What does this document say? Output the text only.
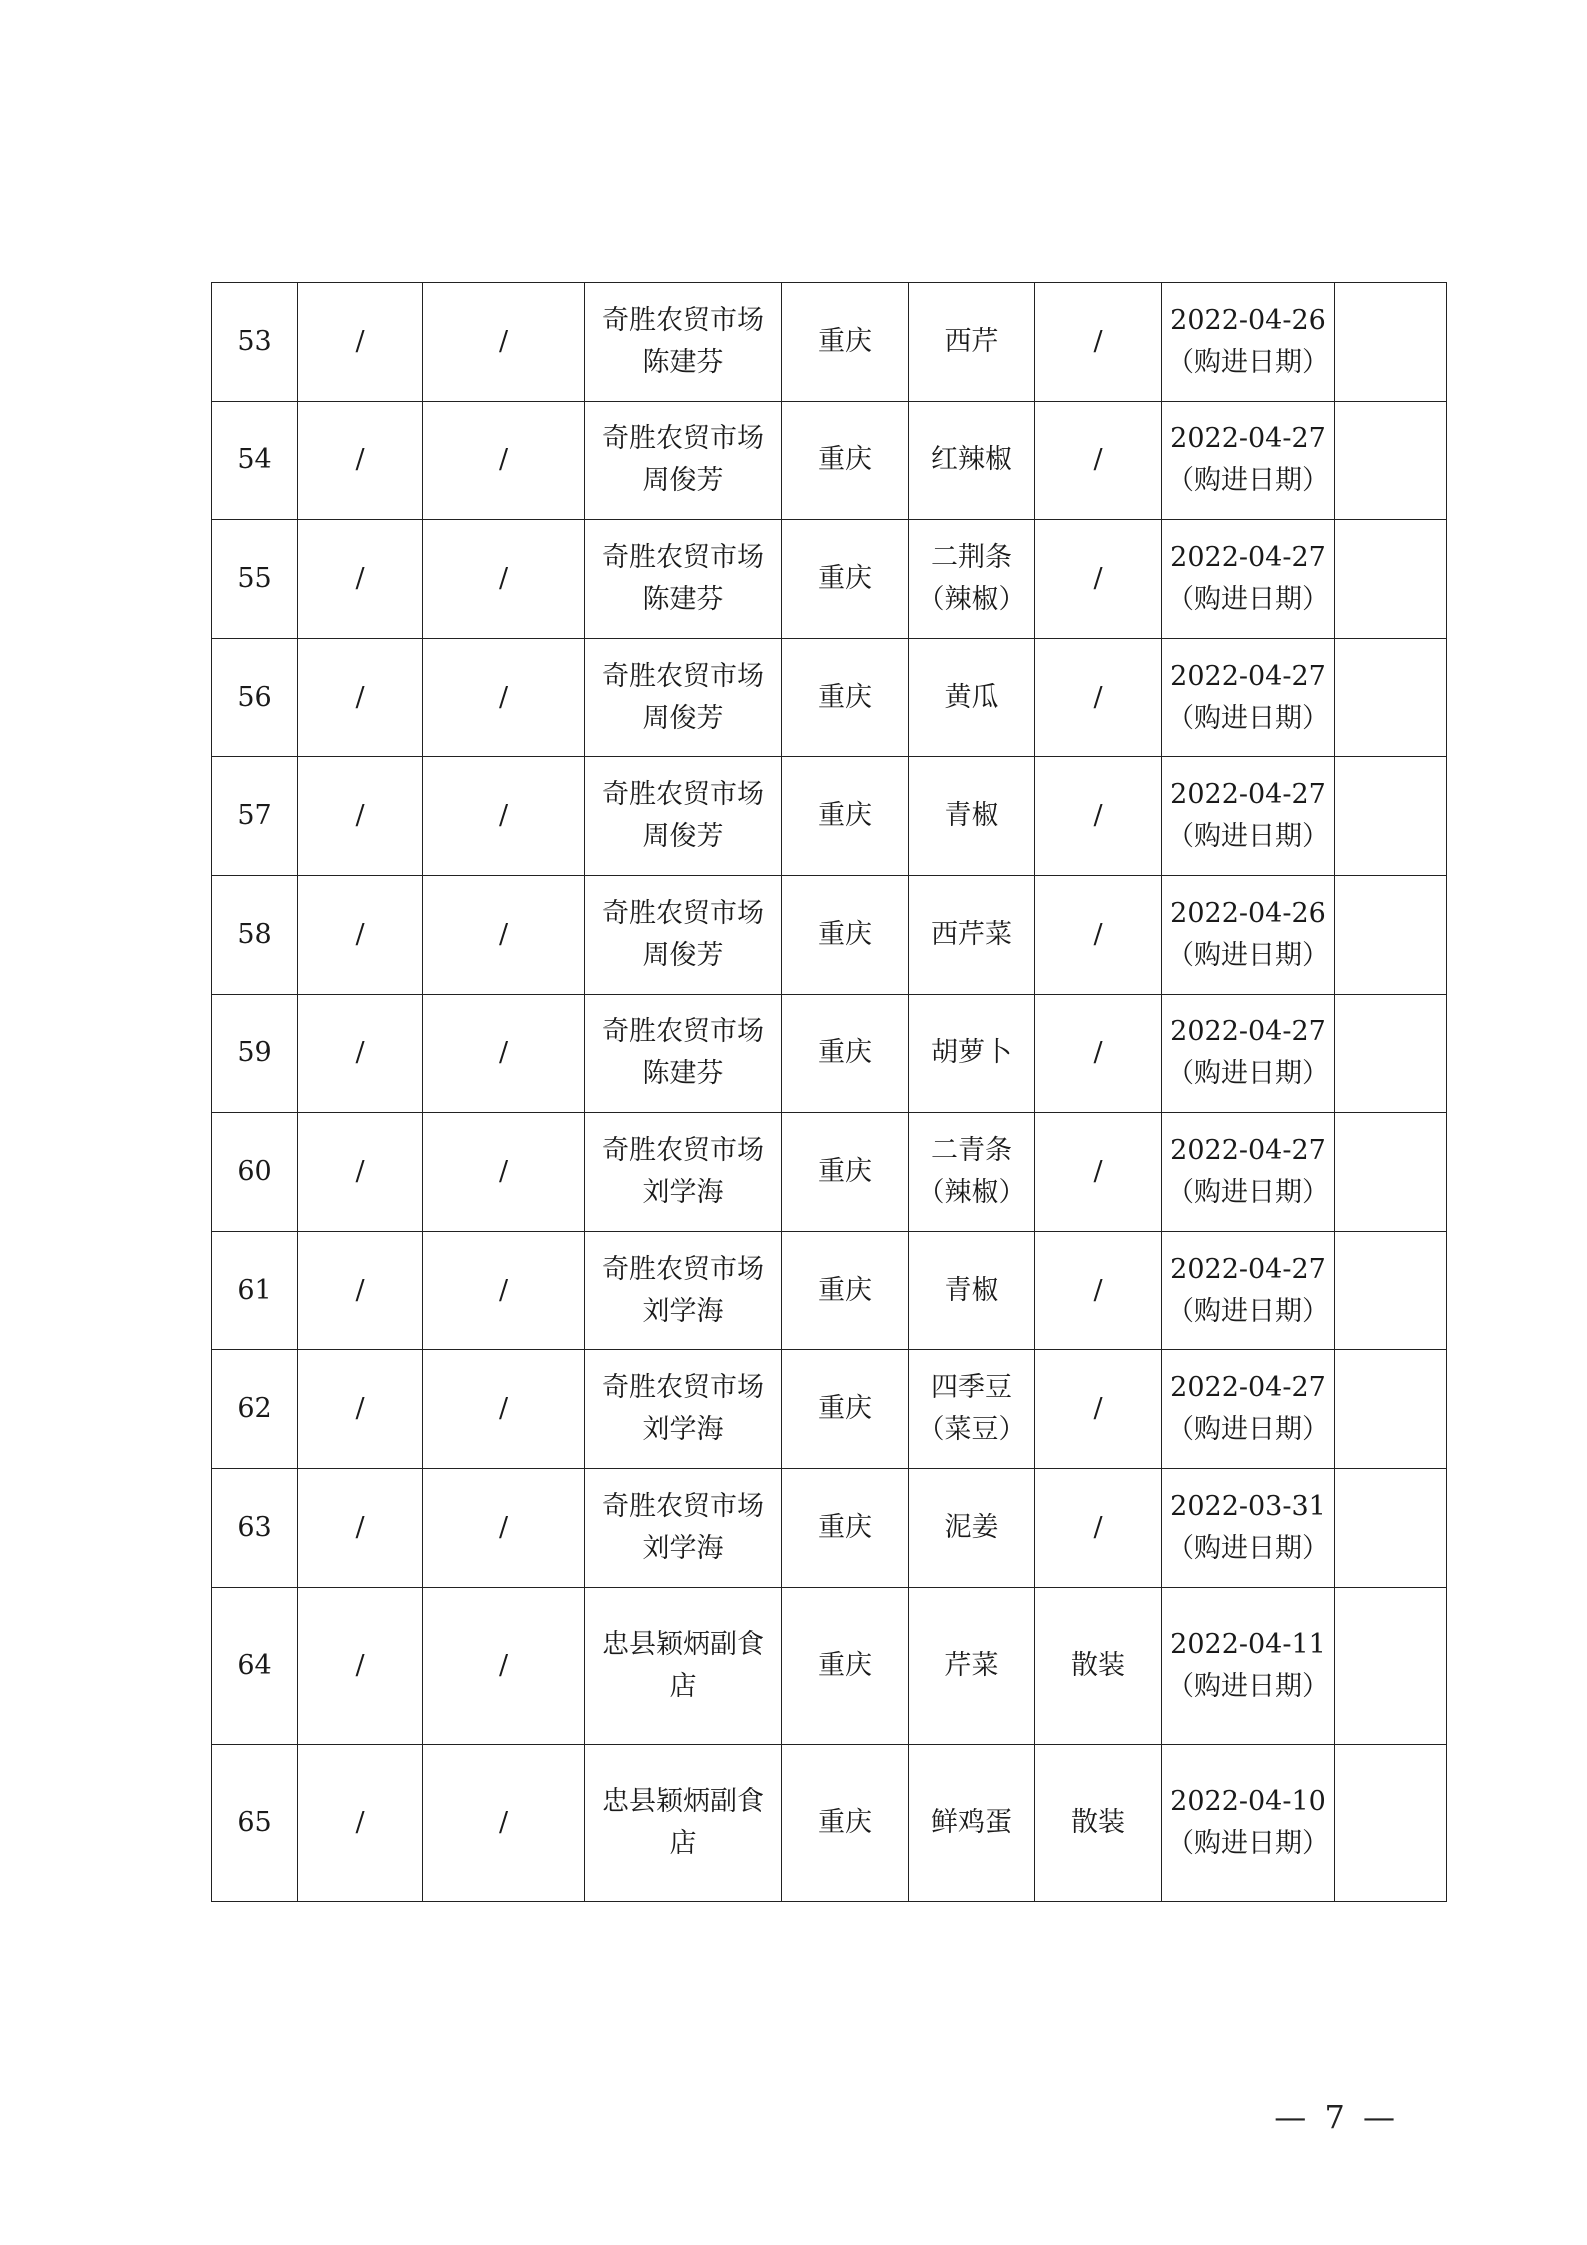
53	/	/	奇胜农贸市场
陈建芬	重庆	西芹	/	2022-04-26
（购进日期）	

54	/	/	奇胜农贸市场
周俊芳	重庆	红辣椒	/	2022-04-27
（购进日期）	

55	/	/	奇胜农贸市场
陈建芬	重庆	二荆条
（辣椒）	/	2022-04-27
（购进日期）	

56	/	/	奇胜农贸市场
周俊芳	重庆	黄瓜	/	2022-04-27
（购进日期）	

57	/	/	奇胜农贸市场
周俊芳	重庆	青椒	/	2022-04-27
（购进日期）	

58	/	/	奇胜农贸市场
周俊芳	重庆	西芹菜	/	2022-04-26
（购进日期）	

59	/	/	奇胜农贸市场
陈建芬	重庆	胡萝卜	/	2022-04-27
（购进日期）	

60	/	/	奇胜农贸市场
刘学海	重庆	二青条
（辣椒）	/	2022-04-27
（购进日期）	

61	/	/	奇胜农贸市场
刘学海	重庆	青椒	/	2022-04-27
（购进日期）	

62	/	/	奇胜农贸市场
刘学海	重庆	四季豆
（菜豆）	/	2022-04-27
（购进日期）	

63	/	/	奇胜农贸市场
刘学海	重庆	泥姜	/	2022-03-31
（购进日期）	

64	/	/	忠县颖炳副食
店	重庆	芹菜	散装	2022-04-11
（购进日期）	

65	/	/	忠县颖炳副食
店	重庆	鲜鸡蛋	散装	2022-04-10
（购进日期）	

— 7 —
